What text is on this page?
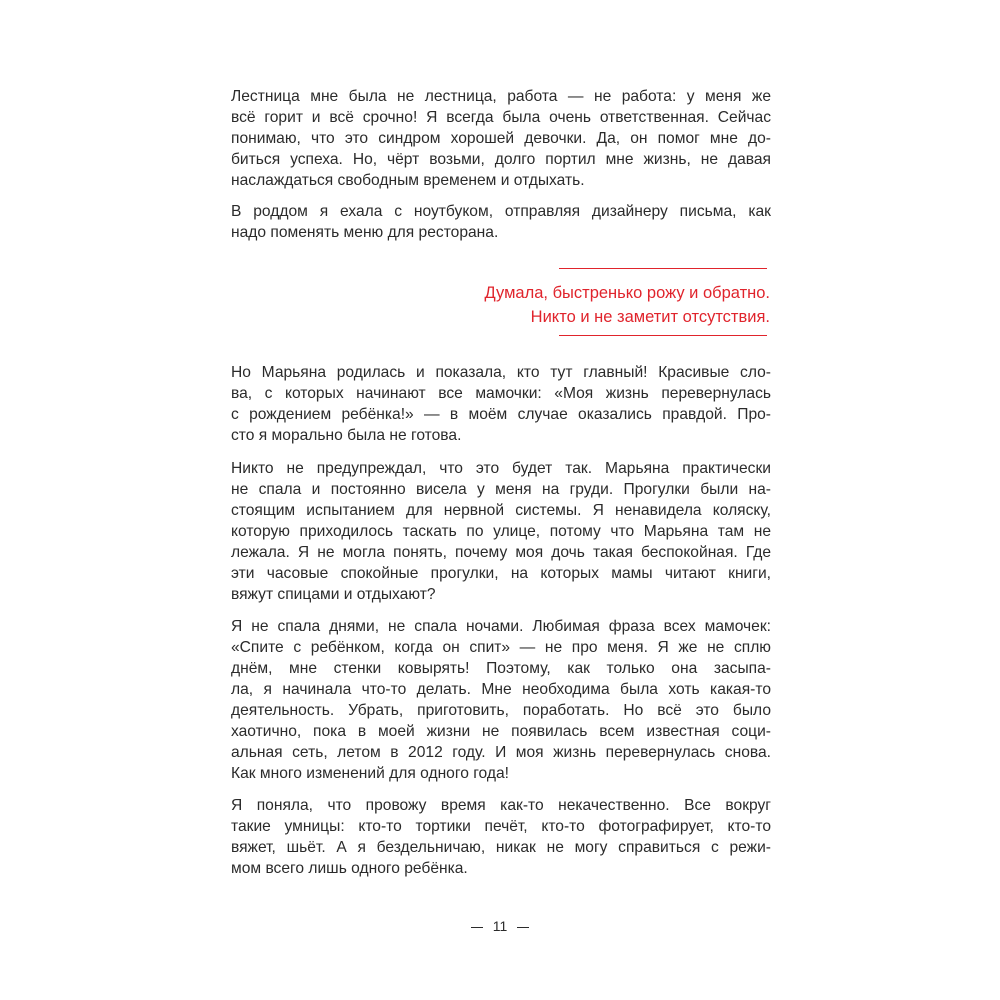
Лестница мне была не лестница, работа — не работа: у меня же
всё горит и всё срочно! Я всегда была очень ответственная. Сейчас
понимаю, что это синдром хорошей девочки. Да, он помог мне до-
биться успеха. Но, чёрт возьми, долго портил мне жизнь, не давая
наслаждаться свободным временем и отдыхать.
В роддом я ехала с ноутбуком, отправляя дизайнеру письма, как
надо поменять меню для ресторана.
Думала, быстренько рожу и обратно.
Никто и не заметит отсутствия.
Но Марьяна родилась и показала, кто тут главный! Красивые сло-
ва, с которых начинают все мамочки: «Моя жизнь перевернулась
с рождением ребёнка!» — в моём случае оказались правдой. Про-
сто я морально была не готова.
Никто не предупреждал, что это будет так. Марьяна практически
не спала и постоянно висела у меня на груди. Прогулки были на-
стоящим испытанием для нервной системы. Я ненавидела коляску,
которую приходилось таскать по улице, потому что Марьяна там не
лежала. Я не могла понять, почему моя дочь такая беспокойная. Где
эти часовые спокойные прогулки, на которых мамы читают книги,
вяжут спицами и отдыхают?
Я не спала днями, не спала ночами. Любимая фраза всех мамочек:
«Спите с ребёнком, когда он спит» — не про меня. Я же не сплю
днём, мне стенки ковырять! Поэтому, как только она засыпа-
ла, я начинала что-то делать. Мне необходима была хоть какая-то
деятельность. Убрать, приготовить, поработать. Но всё это было
хаотично, пока в моей жизни не появилась всем известная соци-
альная сеть, летом в 2012 году. И моя жизнь перевернулась снова.
Как много изменений для одного года!
Я поняла, что провожу время как-то некачественно. Все вокруг
такие умницы: кто-то тортики печёт, кто-то фотографирует, кто-то
вяжет, шьёт. А я бездельничаю, никак не могу справиться с режи-
мом всего лишь одного ребёнка.
11
